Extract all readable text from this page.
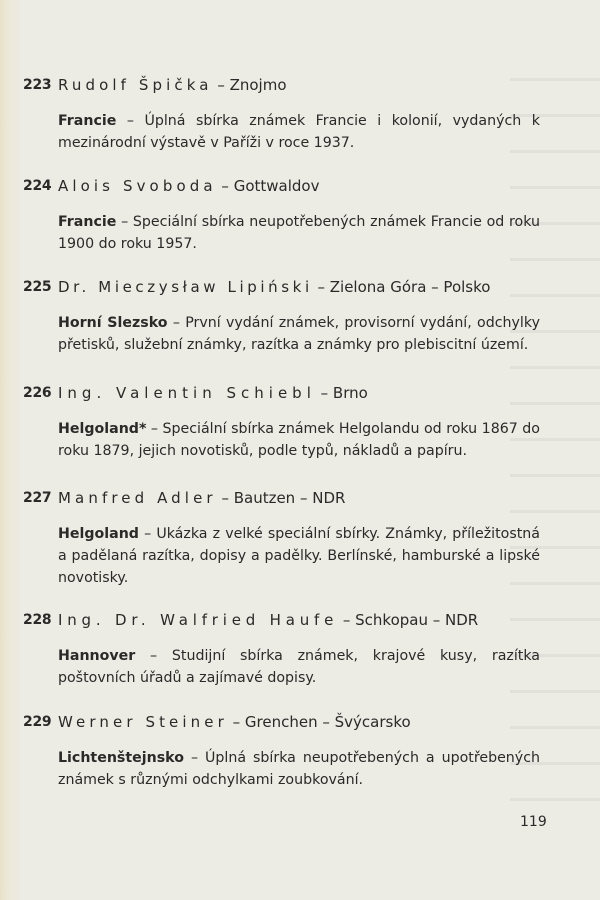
223 Rudolf Špička – Znojmo
Francie – Úplná sbírka známek Francie i kolonií, vydaných k mezinárodní výstavě v Paříži v roce 1937.
224 Alois Svoboda – Gottwaldov
Francie – Speciální sbírka neupotřebených známek Francie od roku 1900 do roku 1957.
225 Dr. Mieczysław Lipiński – Zielona Góra – Polsko
Horní Slezsko – První vydání známek, provisorní vydání, odchylky přetisků, služební známky, razítka a známky pro plebiscitní území.
226 Ing. Valentin Schiebl – Brno
Helgoland* – Speciální sbírka známek Helgolandu od roku 1867 do roku 1879, jejich novotisků, podle typů, nákladů a papíru.
227 Manfred Adler – Bautzen – NDR
Helgoland – Ukázka z velké speciální sbírky. Známky, příležitostná a padělaná razítka, dopisy a padělky. Berlínské, hamburské a lipské novotisky.
228 Ing. Dr. Walfried Haufe – Schkopau – NDR
Hannover – Studijní sbírka známek, krajové kusy, razítka poštovních úřadů a zajímavé dopisy.
229 Werner Steiner – Grenchen – Švýcarsko
Lichtenštejnsko – Úplná sbírka neupotřebených a upotřebených známek s různými odchylkami zoubkování.
119
